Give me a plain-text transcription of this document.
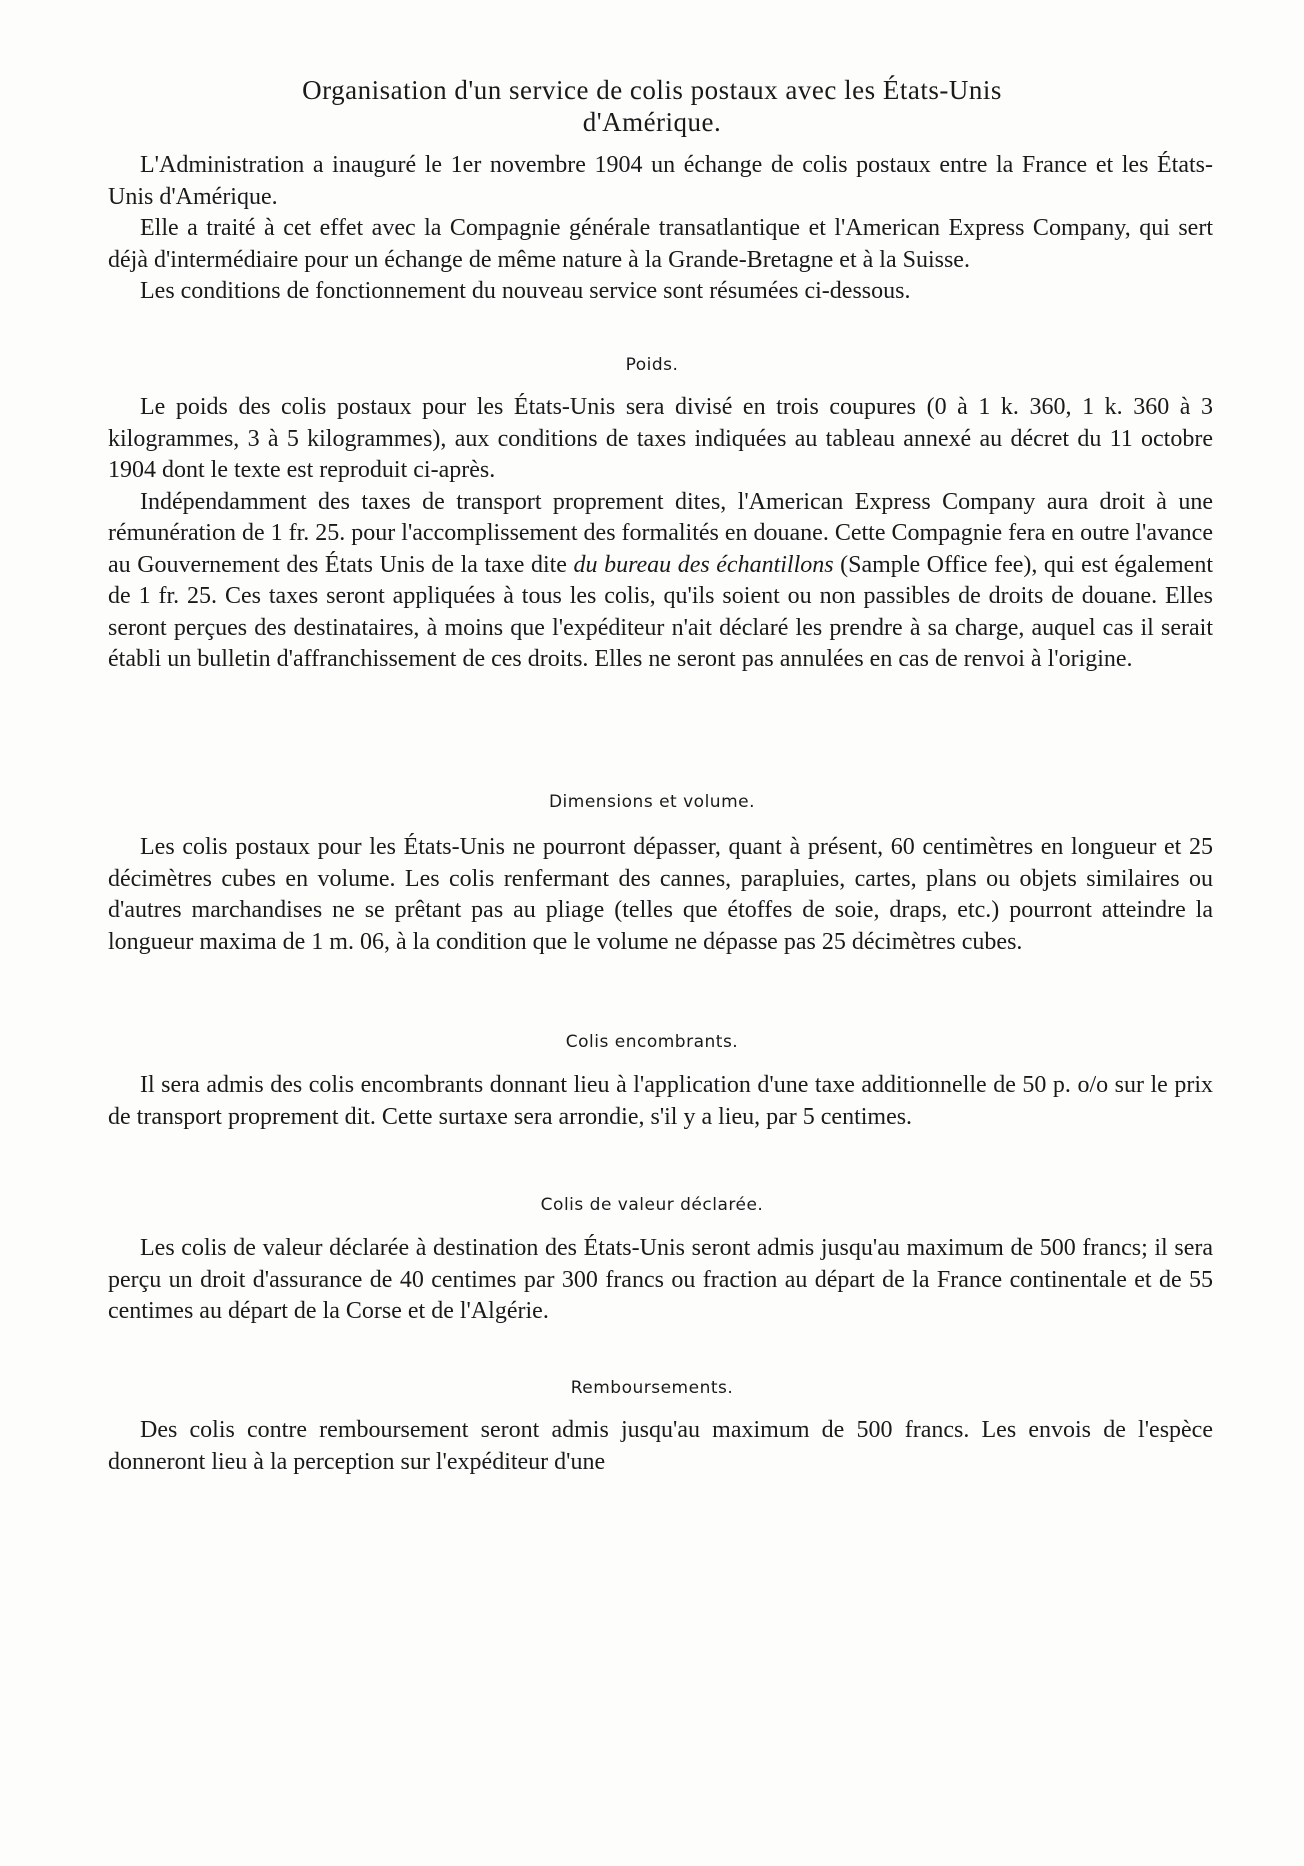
Organisation d'un service de colis postaux avec les États-Unis
d'Amérique.

L'Administration a inauguré le 1er novembre 1904 un échange de colis postaux entre la France et les États-Unis d'Amérique.

Elle a traité à cet effet avec la Compagnie générale transatlantique et l'American Express Company, qui sert déjà d'intermédiaire pour un échange de même nature à la Grande-Bretagne et à la Suisse.

Les conditions de fonctionnement du nouveau service sont résumées ci-dessous.

Poids.

Le poids des colis postaux pour les États-Unis sera divisé en trois coupures (0 à 1 k. 360, 1 k. 360 à 3 kilogrammes, 3 à 5 kilogrammes), aux conditions de taxes indiquées au tableau annexé au décret du 11 octobre 1904 dont le texte est reproduit ci-après.

Indépendamment des taxes de transport proprement dites, l'American Express Company aura droit à une rémunération de 1 fr. 25. pour l'accomplissement des formalités en douane. Cette Compagnie fera en outre l'avance au Gouvernement des États Unis de la taxe dite du bureau des échantillons (Sample Office fee), qui est également de 1 fr. 25. Ces taxes seront appliquées à tous les colis, qu'ils soient ou non passibles de droits de douane. Elles seront perçues des destinataires, à moins que l'expéditeur n'ait déclaré les prendre à sa charge, auquel cas il serait établi un bulletin d'affranchissement de ces droits. Elles ne seront pas annulées en cas de renvoi à l'origine.

Dimensions et volume.

Les colis postaux pour les États-Unis ne pourront dépasser, quant à présent, 60 centimètres en longueur et 25 décimètres cubes en volume. Les colis renfermant des cannes, parapluies, cartes, plans ou objets similaires ou d'autres marchandises ne se prêtant pas au pliage (telles que étoffes de soie, draps, etc.) pourront atteindre la longueur maxima de 1 m. 06, à la condition que le volume ne dépasse pas 25 décimètres cubes.

Colis encombrants.

Il sera admis des colis encombrants donnant lieu à l'application d'une taxe additionnelle de 50 p. o/o sur le prix de transport proprement dit. Cette surtaxe sera arrondie, s'il y a lieu, par 5 centimes.

Colis de valeur déclarée.

Les colis de valeur déclarée à destination des États-Unis seront admis jusqu'au maximum de 500 francs; il sera perçu un droit d'assurance de 40 centimes par 300 francs ou fraction au départ de la France continentale et de 55 centimes au départ de la Corse et de l'Algérie.

Remboursements.

Des colis contre remboursement seront admis jusqu'au maximum de 500 francs. Les envois de l'espèce donneront lieu à la perception sur l'expéditeur d'une
